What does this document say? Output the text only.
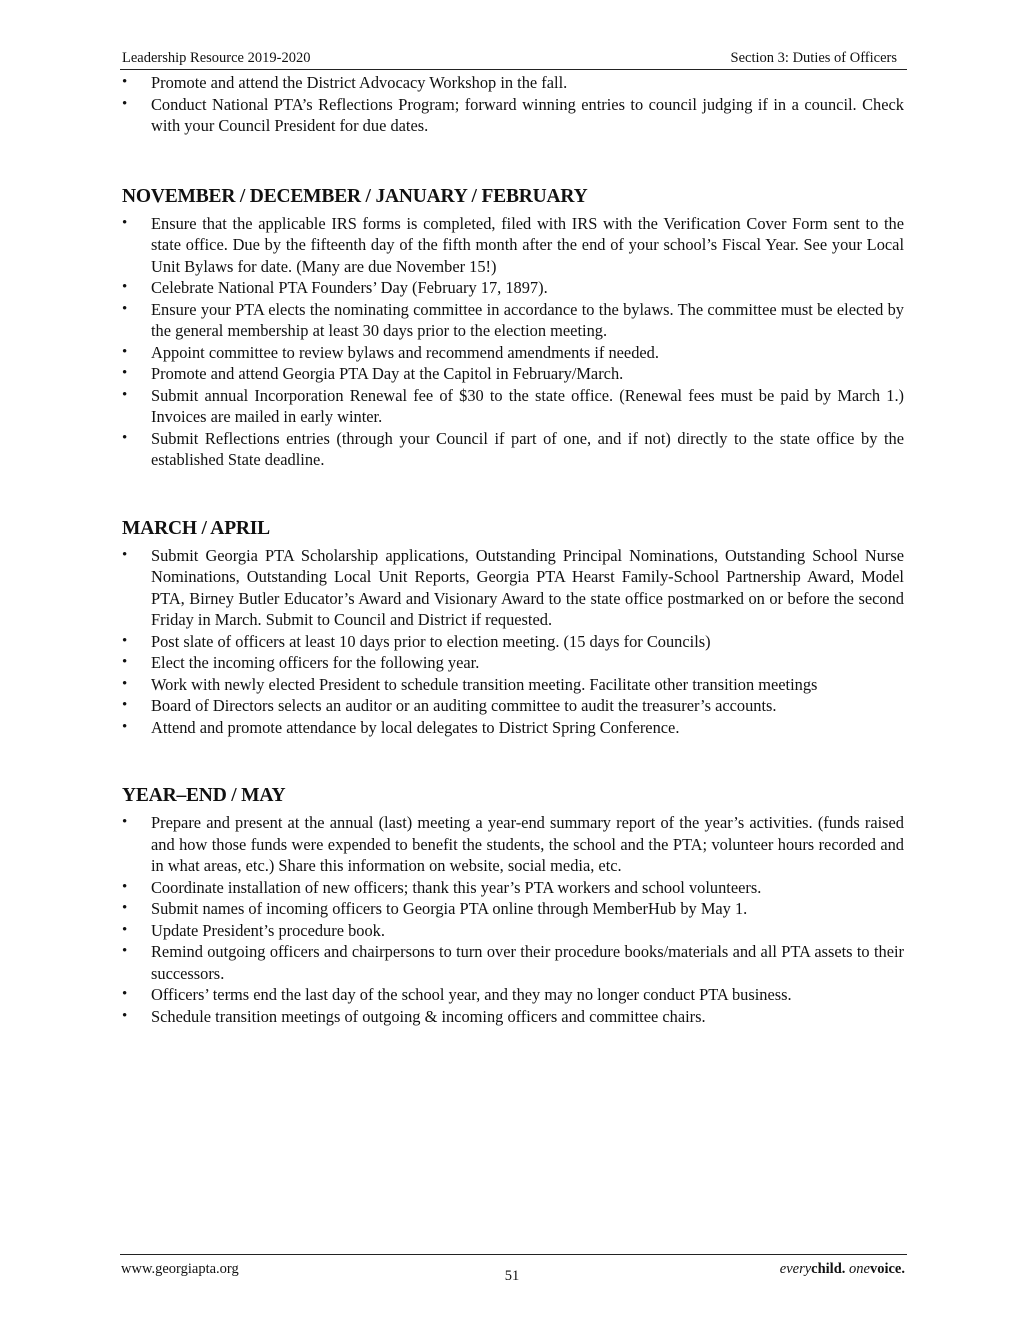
Leadership Resource 2019-2020	Section 3: Duties of Officers
• Promote and attend the District Advocacy Workshop in the fall.
• Conduct National PTA’s Reflections Program; forward winning entries to council judging if in a council. Check with your Council President for due dates.
NOVEMBER / DECEMBER / JANUARY / FEBRUARY
• Ensure that the applicable IRS forms is completed, filed with IRS with the Verification Cover Form sent to the state office. Due by the fifteenth day of the fifth month after the end of your school’s Fiscal Year. See your Local Unit Bylaws for date. (Many are due November 15!)
• Celebrate National PTA Founders’ Day (February 17, 1897).
• Ensure your PTA elects the nominating committee in accordance to the bylaws. The committee must be elected by the general membership at least 30 days prior to the election meeting.
• Appoint committee to review bylaws and recommend amendments if needed.
• Promote and attend Georgia PTA Day at the Capitol in February/March.
• Submit annual Incorporation Renewal fee of $30 to the state office. (Renewal fees must be paid by March 1.) Invoices are mailed in early winter.
• Submit Reflections entries (through your Council if part of one, and if not) directly to the state office by the established State deadline.
MARCH / APRIL
• Submit Georgia PTA Scholarship applications, Outstanding Principal Nominations, Outstanding School Nurse Nominations, Outstanding Local Unit Reports, Georgia PTA Hearst Family-School Partnership Award, Model PTA, Birney Butler Educator’s Award and Visionary Award to the state office postmarked on or before the second Friday in March. Submit to Council and District if requested.
• Post slate of officers at least 10 days prior to election meeting. (15 days for Councils)
• Elect the incoming officers for the following year.
• Work with newly elected President to schedule transition meeting. Facilitate other transition meetings
• Board of Directors selects an auditor or an auditing committee to audit the treasurer’s accounts.
• Attend and promote attendance by local delegates to District Spring Conference.
YEAR–END / MAY
• Prepare and present at the annual (last) meeting a year-end summary report of the year’s activities. (funds raised and how those funds were expended to benefit the students, the school and the PTA; volunteer hours recorded and in what areas, etc.) Share this information on website, social media, etc.
• Coordinate installation of new officers; thank this year’s PTA workers and school volunteers.
• Submit names of incoming officers to Georgia PTA online through MemberHub by May 1.
• Update President’s procedure book.
• Remind outgoing officers and chairpersons to turn over their procedure books/materials and all PTA assets to their successors.
• Officers’ terms end the last day of the school year, and they may no longer conduct PTA business.
• Schedule transition meetings of outgoing & incoming officers and committee chairs.
www.georgiapta.org	51	everychild. onevoice.
